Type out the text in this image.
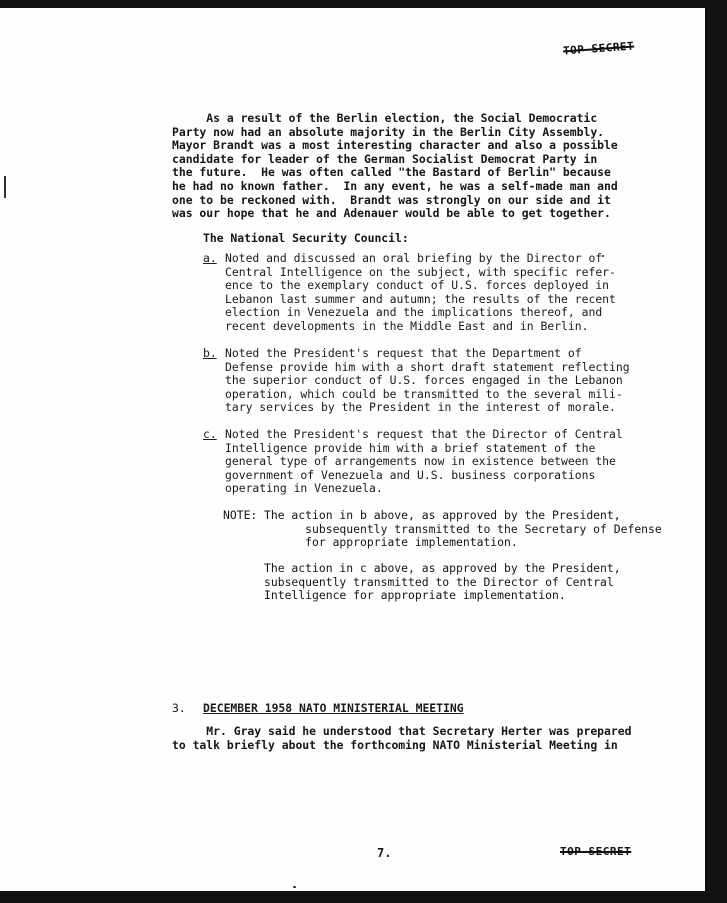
TOP SECRET
As a result of the Berlin election, the Social Democratic
Party now had an absolute majority in the Berlin City Assembly.
Mayor Brandt was a most interesting character and also a possible
candidate for leader of the German Socialist Democrat Party in
the future.  He was often called "the Bastard of Berlin" because
he had no known father.  In any event, he was a self-made man and
one to be reckoned with.  Brandt was strongly on our side and it
was our hope that he and Adenauer would be able to get together.
The National Security Council:
a. Noted and discussed an oral briefing by the Director of
Central Intelligence on the subject, with specific refer-
ence to the exemplary conduct of U.S. forces deployed in
Lebanon last summer and autumn; the results of the recent
election in Venezuela and the implications thereof, and
recent developments in the Middle East and in Berlin.
b. Noted the President's request that the Department of
Defense provide him with a short draft statement reflecting
the superior conduct of U.S. forces engaged in the Lebanon
operation, which could be transmitted to the several mili-
tary services by the President in the interest of morale.
c. Noted the President's request that the Director of Central
Intelligence provide him with a brief statement of the
general type of arrangements now in existence between the
government of Venezuela and U.S. business corporations
operating in Venezuela.
NOTE: The action in b above, as approved by the President,
subsequently transmitted to the Secretary of Defense
for appropriate implementation.
The action in c above, as approved by the President,
subsequently transmitted to the Director of Central
Intelligence for appropriate implementation.
3. DECEMBER 1958 NATO MINISTERIAL MEETING
Mr. Gray said he understood that Secretary Herter was prepared
to talk briefly about the forthcoming NATO Ministerial Meeting in
7.	TOP SECRET
